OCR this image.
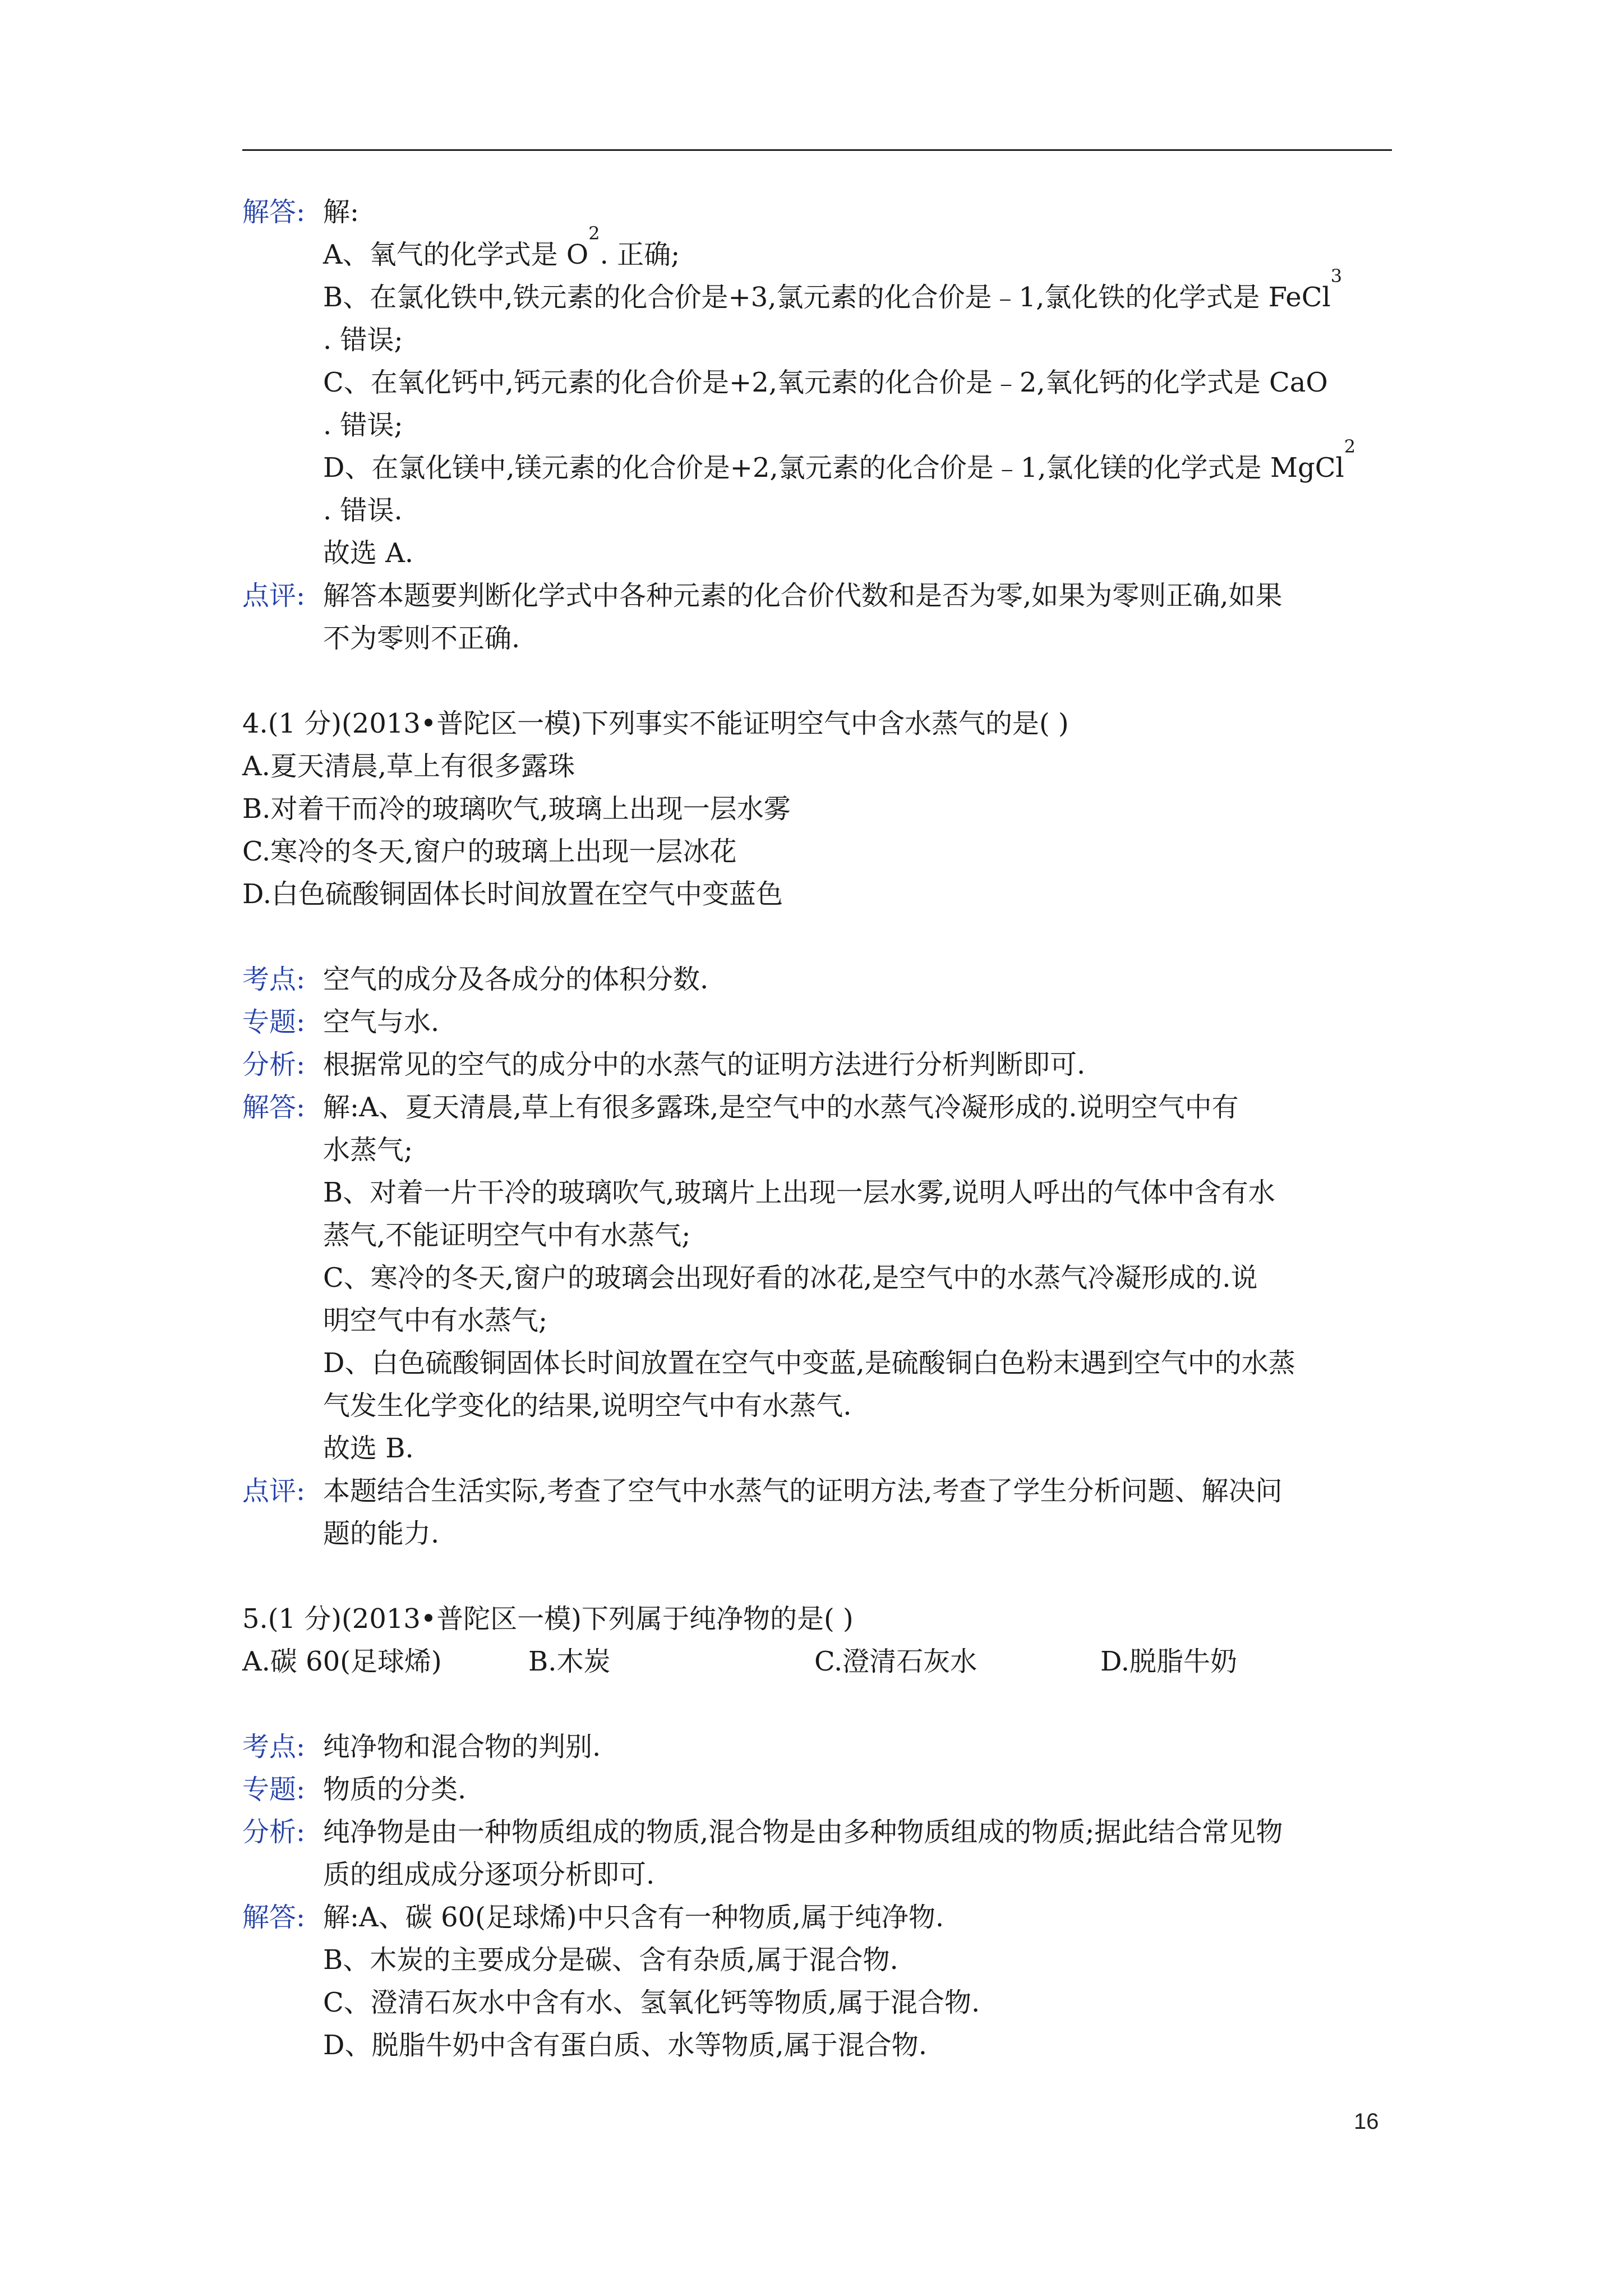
解答: 解:
A、氧气的化学式是 O
2
. 正确;
B、在氯化铁中,铁元素的化合价是+3,氯元素的化合价是﹣1,氯化铁的化学式是 FeCl
3
. 错误;
C、在氧化钙中,钙元素的化合价是+2,氧元素的化合价是﹣2,氧化钙的化学式是 CaO
. 错误;
D、在氯化镁中,镁元素的化合价是+2,氯元素的化合价是﹣1,氯化镁的化学式是 MgCl
2
. 错误.
故选 A.
点评: 解答本题要判断化学式中各种元素的化合价代数和是否为零,如果为零则正确,如果
不为零则不正确.
4.(1 分)(2013•普陀区一模)下列事实不能证明空气中含水蒸气的是( )
A.夏天清晨,草上有很多露珠
B.对着干而冷的玻璃吹气,玻璃上出现一层水雾
C.寒冷的冬天,窗户的玻璃上出现一层冰花
D.白色硫酸铜固体长时间放置在空气中变蓝色
考点: 空气的成分及各成分的体积分数.
专题: 空气与水.
分析: 根据常见的空气的成分中的水蒸气的证明方法进行分析判断即可.
解答: 解:A、夏天清晨,草上有很多露珠,是空气中的水蒸气冷凝形成的.说明空气中有
水蒸气;
B、对着一片干冷的玻璃吹气,玻璃片上出现一层水雾,说明人呼出的气体中含有水
蒸气,不能证明空气中有水蒸气;
C、寒冷的冬天,窗户的玻璃会出现好看的冰花,是空气中的水蒸气冷凝形成的.说
明空气中有水蒸气;
D、白色硫酸铜固体长时间放置在空气中变蓝,是硫酸铜白色粉末遇到空气中的水蒸
气发生化学变化的结果,说明空气中有水蒸气.
故选 B.
点评: 本题结合生活实际,考查了空气中水蒸气的证明方法,考查了学生分析问题、解决问
题的能力.
5.(1 分)(2013•普陀区一模)下列属于纯净物的是( )
A.碳 60(足球烯)	B.木炭	C.澄清石灰水	D.脱脂牛奶
考点: 纯净物和混合物的判别.
专题: 物质的分类.
分析: 纯净物是由一种物质组成的物质,混合物是由多种物质组成的物质;据此结合常见物
质的组成成分逐项分析即可.
解答: 解:A、碳 60(足球烯)中只含有一种物质,属于纯净物.
B、木炭的主要成分是碳、含有杂质,属于混合物.
C、澄清石灰水中含有水、氢氧化钙等物质,属于混合物.
D、脱脂牛奶中含有蛋白质、水等物质,属于混合物.
16
